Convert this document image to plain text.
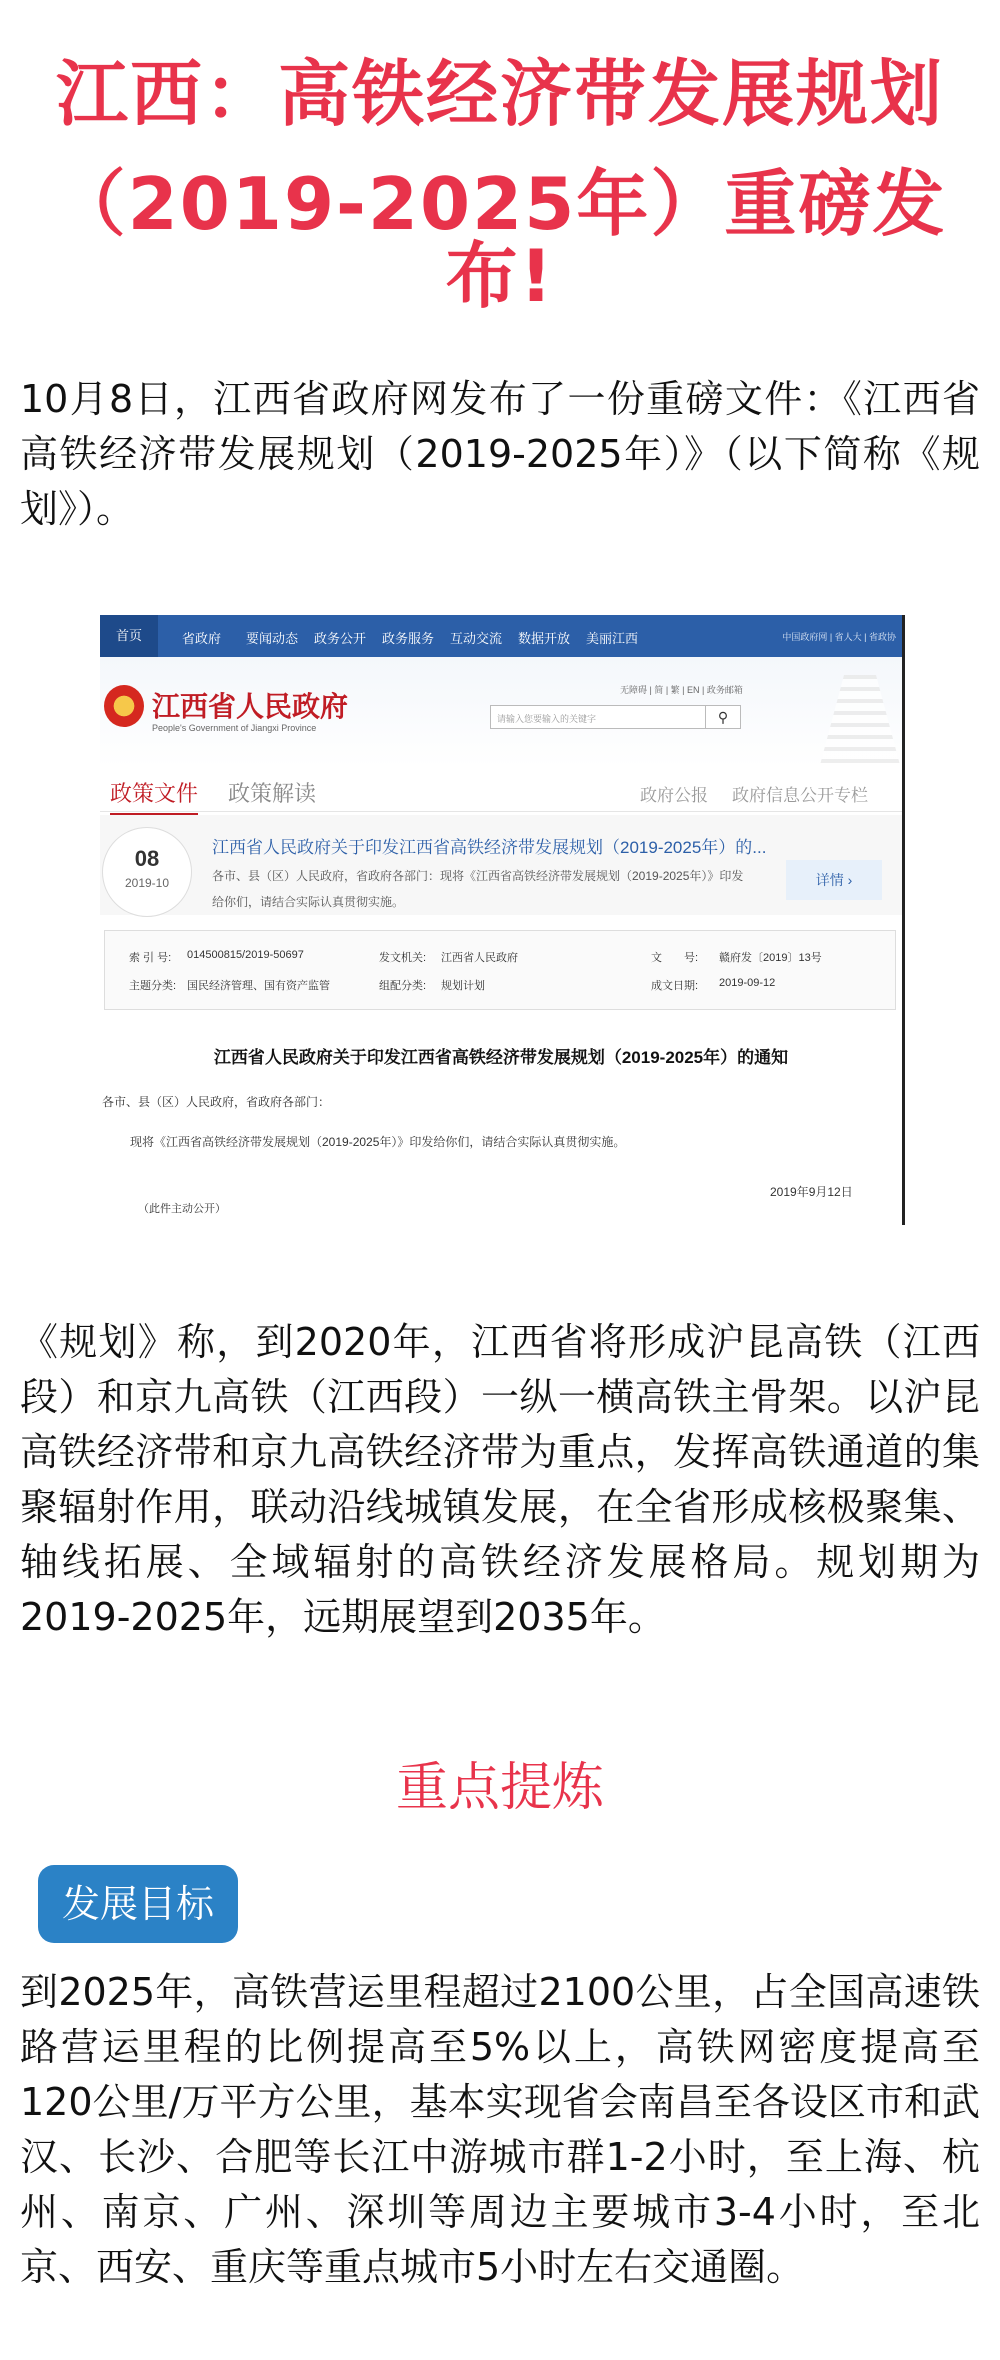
江西：高铁经济带发展规划
（2019-2025年）重磅发布!

10月8日，江西省政府网发布了一份重磅文件：《江西省高铁经济带发展规划（2019-2025年）》（以下简称《规划》）。

首页	省政府 要闻动态 政务公开 政务服务 互动交流 数据开放 美丽江西	中国政府网 | 省人大 | 省政协
江西省人民政府
People's Government of Jiangxi Province
无障碍 | 简 | 繁 | EN | 政务邮箱
请输入您要输入的关键字	⚲
政策文件 政策解读	政府公报 政府信息公开专栏
08
2019-10
江西省人民政府关于印发江西省高铁经济带发展规划（2019-2025年）的...
各市、县（区）人民政府，省政府各部门：现将《江西省高铁经济带发展规划（2019-2025年）》印发给你们，请结合实际认真贯彻实施。
详情 ›
索 引 号: 014500815/2019-50697	发文机关: 江西省人民政府	文　　号: 赣府发〔2019〕13号
主题分类: 国民经济管理、国有资产监管	组配分类: 规划计划	成文日期: 2019-09-12
江西省人民政府关于印发江西省高铁经济带发展规划（2019-2025年）的通知
各市、县（区）人民政府，省政府各部门：
现将《江西省高铁经济带发展规划（2019-2025年）》印发给你们，请结合实际认真贯彻实施。
2019年9月12日
（此件主动公开）

《规划》称，到2020年，江西省将形成沪昆高铁（江西段）和京九高铁（江西段）一纵一横高铁主骨架。以沪昆高铁经济带和京九高铁经济带为重点，发挥高铁通道的集聚辐射作用，联动沿线城镇发展，在全省形成核极聚集、轴线拓展、全域辐射的高铁经济发展格局。规划期为2019-2025年，远期展望到2035年。

重点提炼
发展目标

到2025年，高铁营运里程超过2100公里，占全国高速铁路营运里程的比例提高至5%以上，高铁网密度提高至120公里/万平方公里，基本实现省会南昌至各设区市和武汉、长沙、合肥等长江中游城市群1-2小时，至上海、杭州、南京、广州、深圳等周边主要城市3-4小时，至北京、西安、重庆等重点城市5小时左右交通圈。
